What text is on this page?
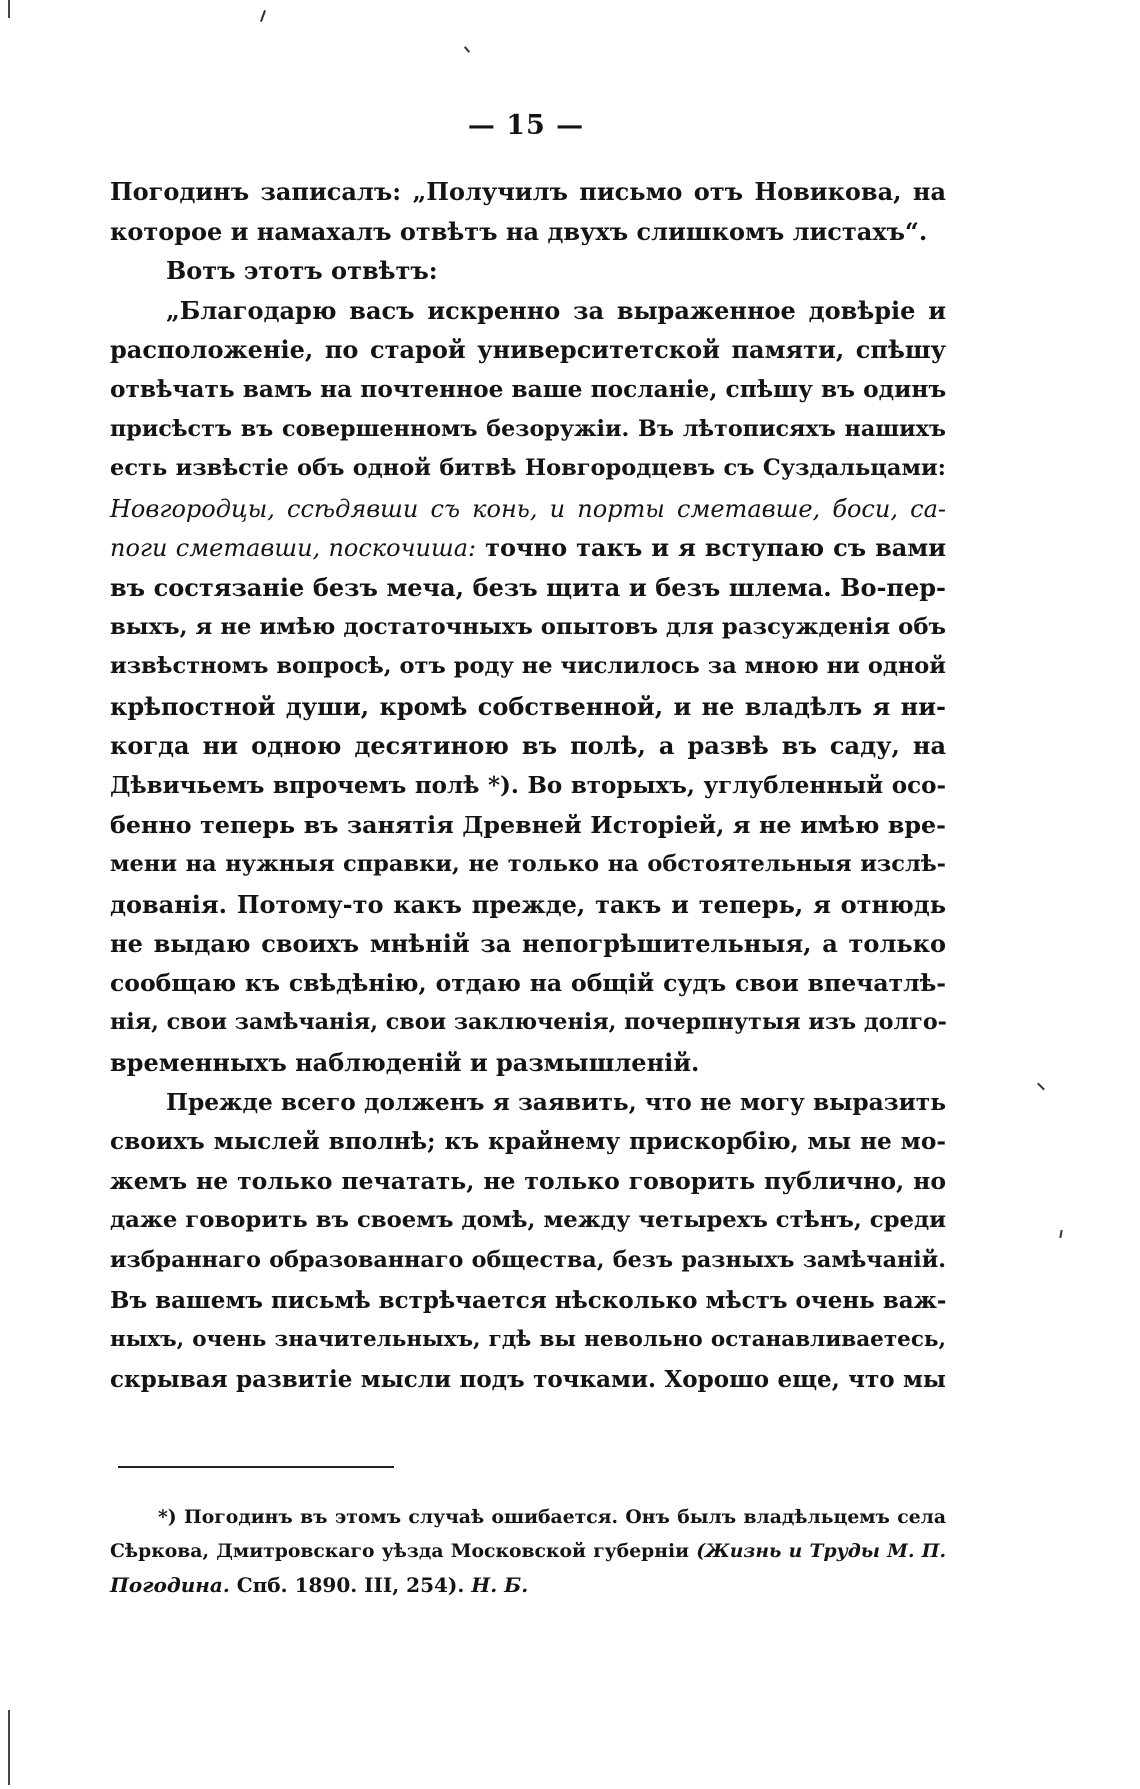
— 15 —
Погодинъ записалъ: „Получилъ письмо отъ Новикова, на
которое и намахалъ отвѣтъ на двухъ слишкомъ листахъ“.
Вотъ этотъ отвѣтъ:
„Благодарю васъ искренно за выраженное довѣріе и
расположеніе, по старой университетской памяти, спѣшу
отвѣчать вамъ на почтенное ваше посланіе, спѣшу въ одинъ
присѣстъ въ совершенномъ безоружіи. Въ лѣтописяхъ нашихъ
есть извѣстіе объ одной битвѣ Новгородцевъ съ Суздальцами:
Новгородцы, ссѣдявши съ конь, и порты сметавше, боси, са-
поги сметавши, поскочиша: точно такъ и я вступаю съ вами
въ состязаніе безъ меча, безъ щита и безъ шлема. Во-пер-
выхъ, я не имѣю достаточныхъ опытовъ для разсужденія объ
извѣстномъ вопросѣ, отъ роду не числилось за мною ни одной
крѣпостной души, кромѣ собственной, и не владѣлъ я ни-
когда ни одною десятиною въ полѣ, а развѣ въ саду, на
Дѣвичьемъ впрочемъ полѣ *). Во вторыхъ, углубленный осо-
бенно теперь въ занятія Древней Исторіей, я не имѣю вре-
мени на нужныя справки, не только на обстоятельныя изслѣ-
дованія. Потому-то какъ прежде, такъ и теперь, я отнюдь
не выдаю своихъ мнѣній за непогрѣшительныя, а только
сообщаю къ свѣдѣнію, отдаю на общій судъ свои впечатлѣ-
нія, свои замѣчанія, свои заключенія, почерпнутыя изъ долго-
временныхъ наблюденій и размышленій.
Прежде всего долженъ я заявить, что не могу выразить
своихъ мыслей вполнѣ; къ крайнему прискорбію, мы не мо-
жемъ не только печатать, не только говорить публично, но
даже говорить въ своемъ домѣ, между четырехъ стѣнъ, среди
избраннаго образованнаго общества, безъ разныхъ замѣчаній.
Въ вашемъ письмѣ встрѣчается нѣсколько мѣстъ очень важ-
ныхъ, очень значительныхъ, гдѣ вы невольно останавливаетесь,
скрывая развитіе мысли подъ точками. Хорошо еще, что мы
*) Погодинъ въ этомъ случаѣ ошибается. Онъ былъ владѣльцемъ села
Сѣркова, Дмитровскаго уѣзда Московской губерніи (Жизнь и Труды М. П.
Погодина. Спб. 1890. III, 254). Н. Б.
